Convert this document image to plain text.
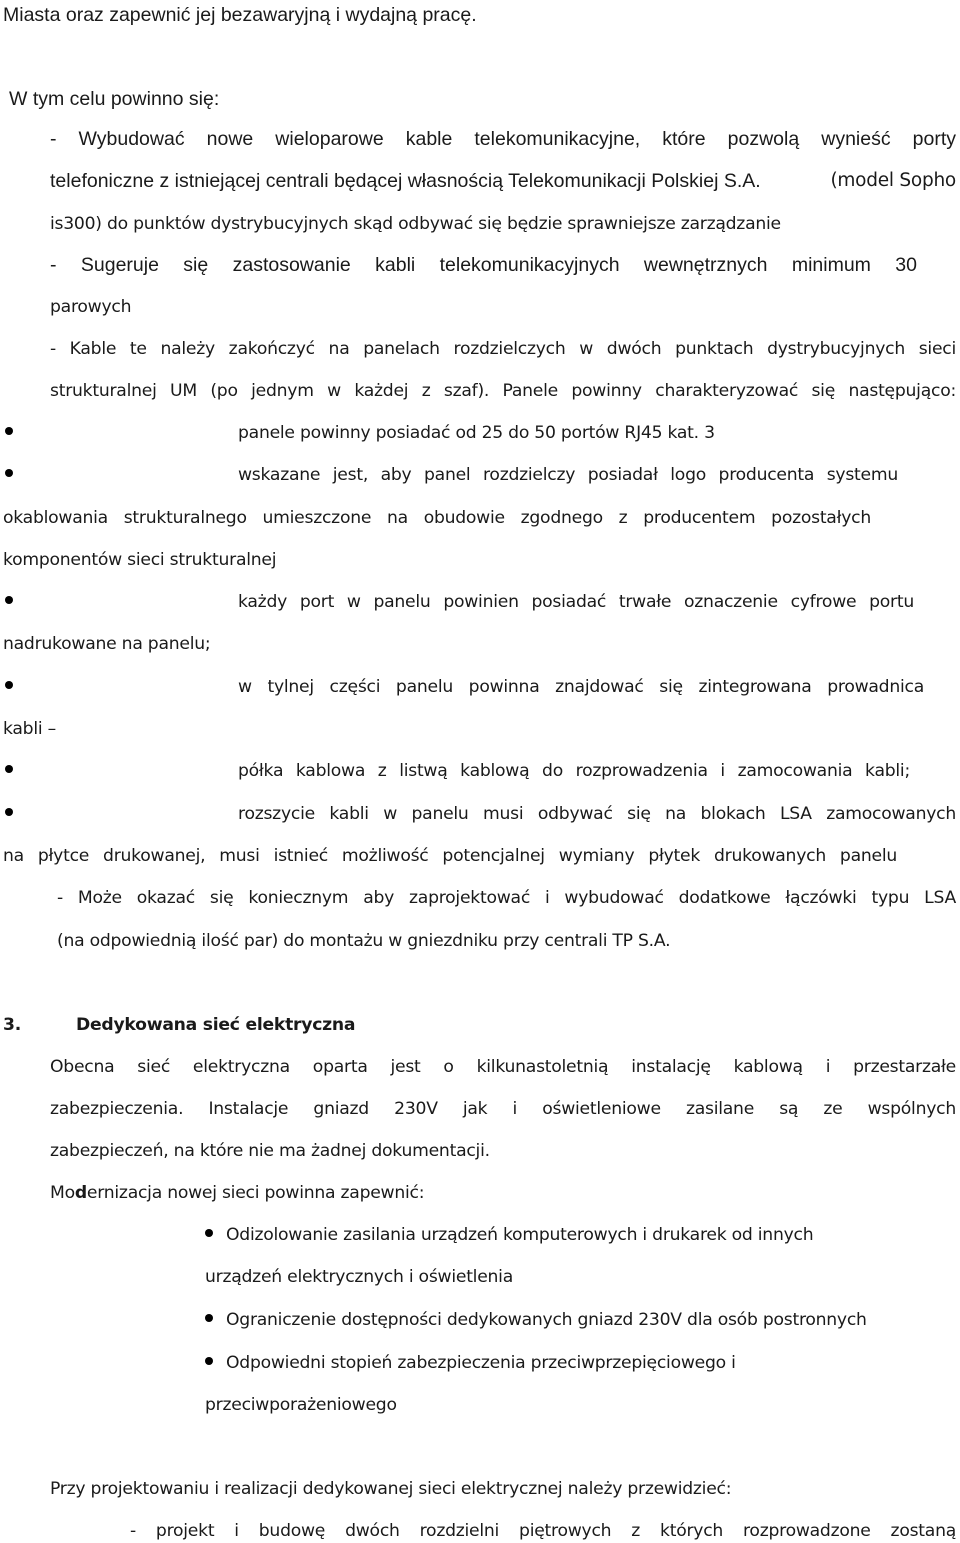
Miasta oraz zapewnić jej bezawaryjną i wydajną pracę.

W tym celu powinno się:

- Wybudować nowe wieloparowe kable telekomunikacyjne, które pozwolą wynieść porty

telefoniczne z istniejącej centrali będącej własnością Telekomunikacji Polskiej S.A.	(model Sopho

is300) do punktów dystrybucyjnych skąd odbywać się będzie sprawniejsze zarządzanie

- Sugeruje się zastosowanie kabli telekomunikacyjnych wewnętrznych minimum 30

parowych

- Kable te należy zakończyć na panelach rozdzielczych w dwóch punktach dystrybucyjnych sieci

strukturalnej UM (po jednym w każdej z szaf). Panele powinny charakteryzować się następująco:

panele powinny posiadać od 25 do 50 portów RJ45 kat. 3

wskazane jest, aby panel rozdzielczy posiadał logo producenta systemu

okablowania strukturalnego umieszczone na obudowie zgodnego z producentem pozostałych

komponentów sieci strukturalnej

każdy port w panelu powinien posiadać trwałe oznaczenie cyfrowe portu

nadrukowane na panelu;

w tylnej części panelu powinna znajdować się zintegrowana prowadnica

kabli –

półka kablowa z listwą kablową do rozprowadzenia i zamocowania kabli;

rozszycie kabli w panelu musi odbywać się na blokach LSA zamocowanych

na płytce drukowanej, musi istnieć możliwość potencjalnej wymiany płytek drukowanych panelu

- Może okazać się koniecznym aby zaprojektować i wybudować dodatkowe łączówki typu LSA

(na odpowiednią ilość par) do montażu w gniezdniku przy centrali TP S.A.

3.	Dedykowana sieć elektryczna

Obecna sieć elektryczna oparta jest o kilkunastoletnią instalację kablową i przestarzałe

zabezpieczenia. Instalacje gniazd 230V jak i oświetleniowe zasilane są ze wspólnych

zabezpieczeń, na które nie ma żadnej dokumentacji.

Modernizacja nowej sieci powinna zapewnić:

Odizolowanie zasilania urządzeń komputerowych i drukarek od innych

urządzeń elektrycznych i oświetlenia

Ograniczenie dostępności dedykowanych gniazd 230V dla osób postronnych

Odpowiedni stopień zabezpieczenia przeciwprzepięciowego i

przeciwporażeniowego

Przy projektowaniu i realizacji dedykowanej sieci elektrycznej należy przewidzieć:

- projekt i budowę dwóch rozdzielni piętrowych z których rozprowadzone zostaną
